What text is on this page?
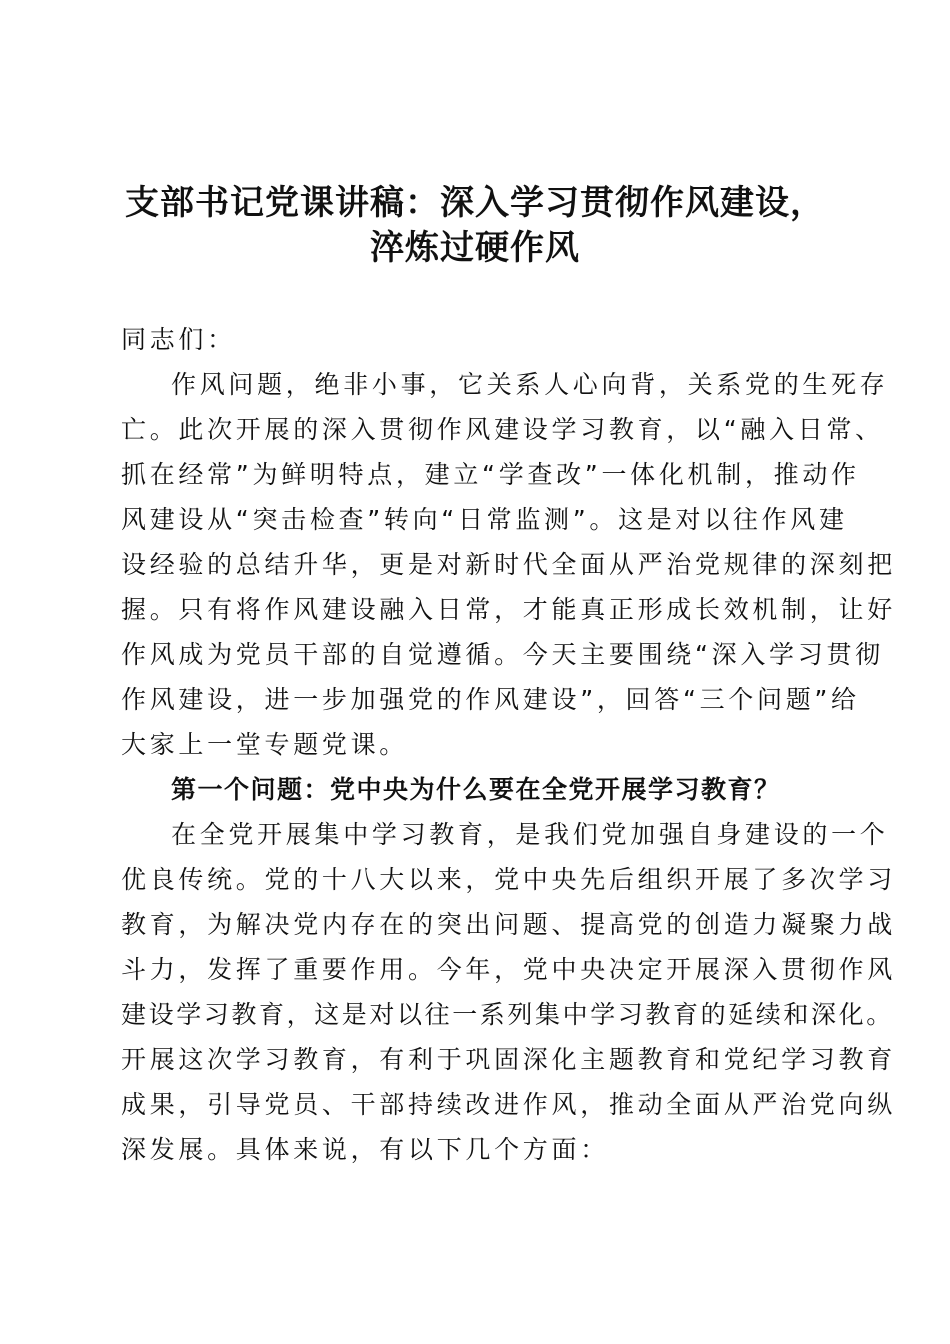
支部书记党课讲稿：深入学习贯彻作风建设，
淬炼过硬作风
同志们：
作风问题，绝非小事，它关系人心向背，关系党的生死存
亡。此次开展的深入贯彻作风建设学习教育，以“融入日常、
抓在经常”为鲜明特点，建立“学查改”一体化机制，推动作
风建设从“突击检查”转向“日常监测”。这是对以往作风建
设经验的总结升华，更是对新时代全面从严治党规律的深刻把
握。只有将作风建设融入日常，才能真正形成长效机制，让好
作风成为党员干部的自觉遵循。今天主要围绕“深入学习贯彻
作风建设，进一步加强党的作风建设”，回答“三个问题”给
大家上一堂专题党课。
第一个问题：党中央为什么要在全党开展学习教育？
在全党开展集中学习教育，是我们党加强自身建设的一个
优良传统。党的十八大以来，党中央先后组织开展了多次学习
教育，为解决党内存在的突出问题、提高党的创造力凝聚力战
斗力，发挥了重要作用。今年，党中央决定开展深入贯彻作风
建设学习教育，这是对以往一系列集中学习教育的延续和深化。
开展这次学习教育，有利于巩固深化主题教育和党纪学习教育
成果，引导党员、干部持续改进作风，推动全面从严治党向纵
深发展。具体来说，有以下几个方面：
